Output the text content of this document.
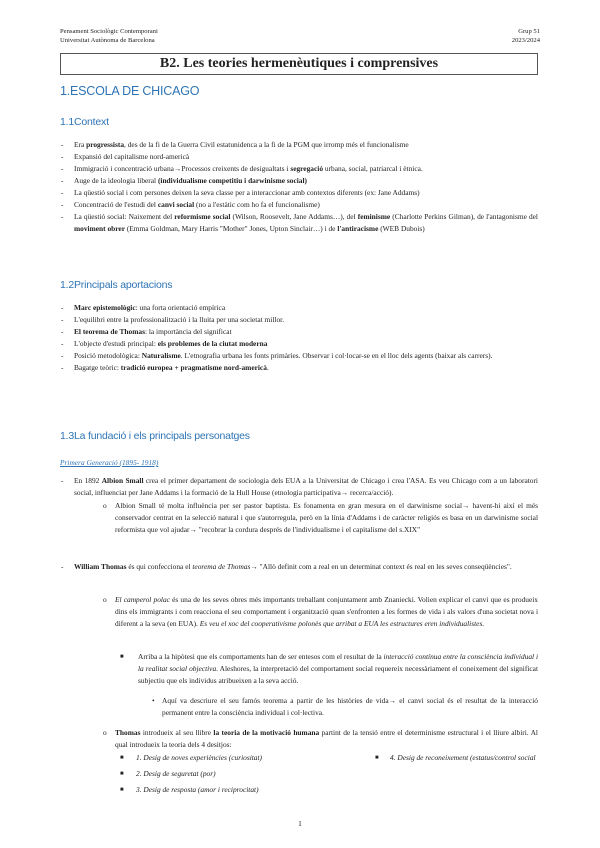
Pensament Sociològic Contemporani
Universitat Autònoma de Barcelona
Grup 51
2023/2024
B2. Les teories hermenèutiques i comprensives
1.ESCOLA DE CHICAGO
1.1Context
- Era progressista, des de la fi de la Guerra Civil estatunidenca a la fi de la PGM que irromp més el funcionalisme
- Expansió del capitalisme nord-americà
- Immigració i concentració urbana→Processos creixents de desigualtats i segregació urbana, social, patriarcal i ètnica.
- Auge de la ideologia liberal (individualisme competitiu i darwinisme social)
- La qüestió social i com persones deixen la seva classe per a interaccionar amb contextos diferents (ex: Jane Addams)
- Concentració de l'estudi del canvi social (no a l'estàtic com ho fa el funcionalisme)
- La qüestió social: Naixement del reformisme social (Wilson, Roosevelt, Jane Addams…), del feminisme (Charlotte Perkins Gilman), de l'antagonisme del moviment obrer (Emma Goldman, Mary Harris "Mother" Jones, Upton Sinclair…) i de l'antiracisme (WEB Dubois)
1.2Principals aportacions
- Marc epistemològic: una forta orientació empírica
- L'equilibri entre la professionalització i la lluita per una societat millor.
- El teorema de Thomas: la importància del significat
- L'objecte d'estudi principal: els problemes de la ciutat moderna
- Posició metodològica: Naturalisme. L'etnografia urbana les fonts primàries. Observar i col·locar-se en el lloc dels agents (baixar als carrers).
- Bagatge teòric: tradició europea + pragmatisme nord-americà.
1.3La fundació i els principals personatges
Primera Generació (1895- 1918)
- En 1892 Albion Small crea el primer departament de sociologia dels EUA a la Universitat de Chicago i crea l'ASA. Es veu Chicago com a un laboratori social, influenciat per Jane Addams i la formació de la Hull House (etnologia participativa→ recerca/acció).
o Albion Small té molta influència per ser pastor baptista. Es fonamenta en gran mesura en el darwinisme social→ havent-hi així el més conservador centrat en la selecció natural i que s'autorregula, però en la línia d'Addams i de caràcter religiós es basa en un darwinisme social reformista que vol ajudar→ "recobrar la cordura després de l'individualisme i el capitalisme del s.XIX"
- William Thomas és qui confecciona el teorema de Thomas→ "Allò definit com a real en un determinat context és real en les seves conseqüències".
o El camperol polac és una de les seves obres més importants treballant conjuntament amb Znaniecki. Volien explicar el canvi que es produeix dins els immigrants i com reacciona el seu comportament i organització quan s'enfronten a les formes de vida i als valors d'una societat nova i diferent a la seva (en EUA). Es veu el xoc del cooperativisme polonès que arribat a EUA les estructures eren individualistes.
■ Arriba a la hipòtesi que els comportaments han de ser entesos com el resultat de la interacció contínua entre la consciència individual i la realitat social objectiva. Aleshores, la interpretació del comportament social requereix necessàriament el coneixement del significat subjectiu que els individus atribueixen a la seva acció.
• Aquí va descriure el seu famós teorema a partir de les històries de vida→ el canvi social és el resultat de la interacció permanent entre la consciència individual i col·lectiva.
o Thomas introdueix al seu llibre la teoria de la motivació humana partint de la tensió entre el determinisme estructural i el lliure albiri. Al qual introdueix la teoria dels 4 desitjos:
■ 1. Desig de noves experiències (curiositat)
■ 2. Desig de seguretat (por)
■ 3. Desig de resposta (amor i reciprocitat)
■ 4. Desig de reconeixement (estatus/control social
1
